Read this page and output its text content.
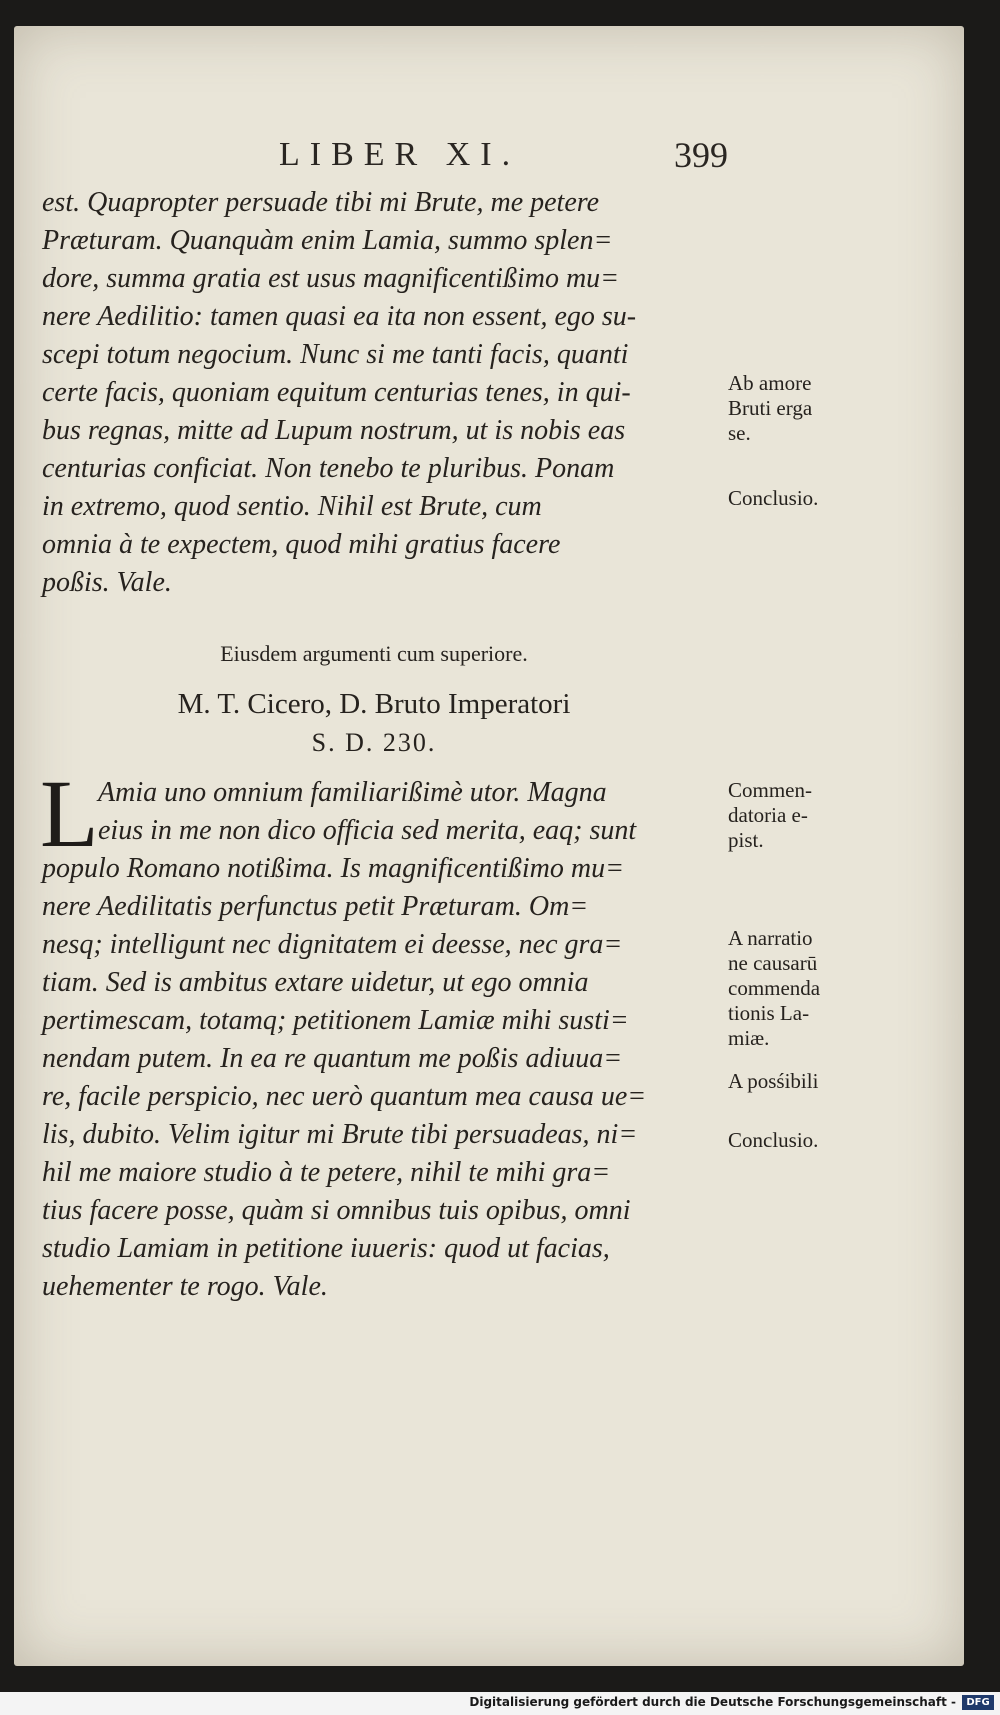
LIBER XI.	399
est. Quapropter persuade tibi mi Brute, me petere
Præturam. Quanquàm enim Lamia, summo splen=
dore, summa gratia est usus magnificentißimo mu=
nere Aedilitio: tamen quasi ea ita non essent, ego su-
scepi totum negocium. Nunc si me tanti facis, quanti
certe facis, quoniam equitum centurias tenes, in qui-
bus regnas, mitte ad Lupum nostrum, ut is nobis eas
centurias conficiat. Non tenebo te pluribus. Ponam
in extremo, quod sentio. Nihil est Brute, cum
omnia à te expectem, quod mihi gratius facere
poßis. Vale.
Ab amore
Bruti erga
se.
Conclusio.
Eiusdem argumenti cum superiore.
M. T. Cicero, D. Bruto Imperatori
S. D. 230.
L Amia uno omnium familiarißimè utor. Magna
eius in me non dico officia sed merita, eaq; sunt
populo Romano notißima. Is magnificentißimo mu=
nere Aedilitatis perfunctus petit Præturam. Om=
nesq; intelligunt nec dignitatem ei deesse, nec gra=
tiam. Sed is ambitus extare uidetur, ut ego omnia
pertimescam, totamq; petitionem Lamiæ mihi susti=
nendam putem. In ea re quantum me poßis adiuua=
re, facile perspicio, nec uerò quantum mea causa ue=
lis, dubito. Velim igitur mi Brute tibi persuadeas, ni=
hil me maiore studio à te petere, nihil te mihi gra=
tius facere posse, quàm si omnibus tuis opibus, omni
studio Lamiam in petitione iuueris: quod ut facias,
uehementer te rogo. Vale.
Commen-
datoria e-
pist.
A narratio
ne causarū
commenda
tionis La-
miæ.
A posśibili
Conclusio.
Digitalisierung gefördert durch die Deutsche Forschungsgemeinschaft -	DFG
